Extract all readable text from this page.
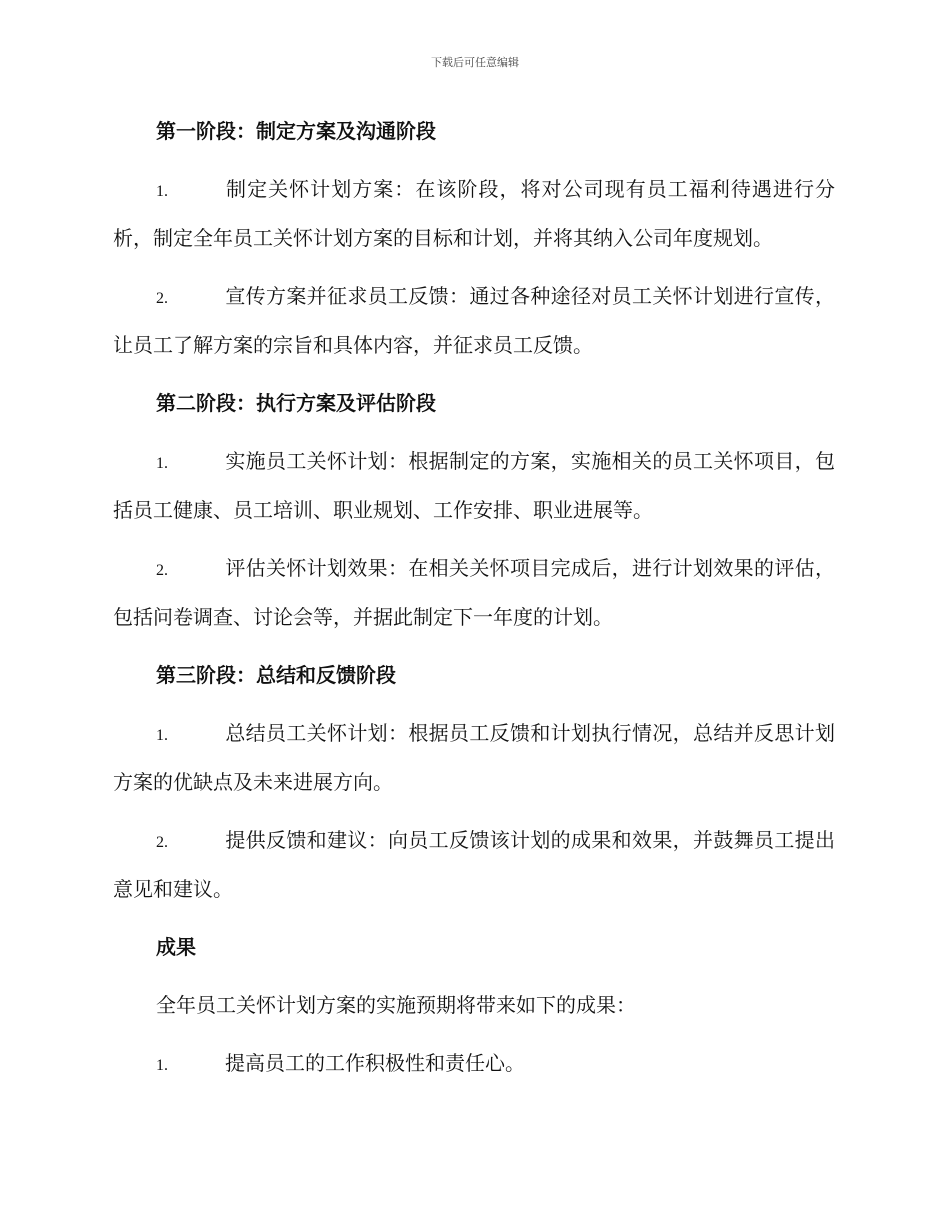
下载后可任意编辑
第一阶段：制定方案及沟通阶段

1.	制定关怀计划方案：在该阶段，将对公司现有员工福利待遇进行分析，制定全年员工关怀计划方案的目标和计划，并将其纳入公司年度规划。

2.	宣传方案并征求员工反馈：通过各种途径对员工关怀计划进行宣传，让员工了解方案的宗旨和具体内容，并征求员工反馈。

第二阶段：执行方案及评估阶段

1.	实施员工关怀计划：根据制定的方案，实施相关的员工关怀项目，包括员工健康、员工培训、职业规划、工作安排、职业进展等。

2.	评估关怀计划效果：在相关关怀项目完成后，进行计划效果的评估，包括问卷调查、讨论会等，并据此制定下一年度的计划。

第三阶段：总结和反馈阶段

1.	总结员工关怀计划：根据员工反馈和计划执行情况，总结并反思计划方案的优缺点及未来进展方向。

2.	提供反馈和建议：向员工反馈该计划的成果和效果，并鼓舞员工提出意见和建议。

成果

全年员工关怀计划方案的实施预期将带来如下的成果：

1.	提高员工的工作积极性和责任心。
